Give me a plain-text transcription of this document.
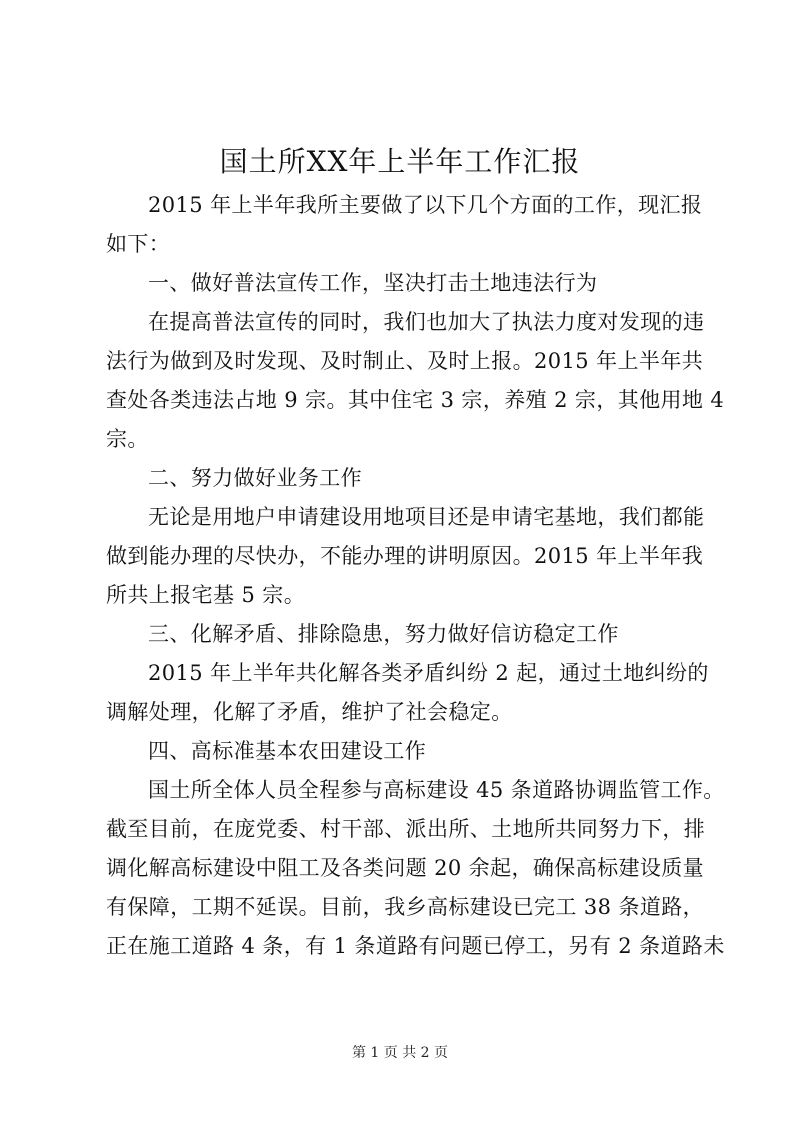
国土所XX年上半年工作汇报
2015 年上半年我所主要做了以下几个方面的工作，现汇报
如下：
一、做好普法宣传工作，坚决打击土地违法行为
在提高普法宣传的同时，我们也加大了执法力度对发现的违
法行为做到及时发现、及时制止、及时上报。2015 年上半年共
查处各类违法占地 9 宗。其中住宅 3 宗，养殖 2 宗，其他用地 4
宗。
二、努力做好业务工作
无论是用地户申请建设用地项目还是申请宅基地，我们都能
做到能办理的尽快办，不能办理的讲明原因。2015 年上半年我
所共上报宅基 5 宗。
三、化解矛盾、排除隐患，努力做好信访稳定工作
2015 年上半年共化解各类矛盾纠纷 2 起，通过土地纠纷的
调解处理，化解了矛盾，维护了社会稳定。
四、高标准基本农田建设工作
国土所全体人员全程参与高标建设 45 条道路协调监管工作。
截至目前，在庞党委、村干部、派出所、土地所共同努力下，排
调化解高标建设中阻工及各类问题 20 余起，确保高标建设质量
有保障，工期不延误。目前，我乡高标建设已完工 38 条道路，
正在施工道路 4 条，有 1 条道路有问题已停工，另有 2 条道路未
第 1 页 共 2 页
